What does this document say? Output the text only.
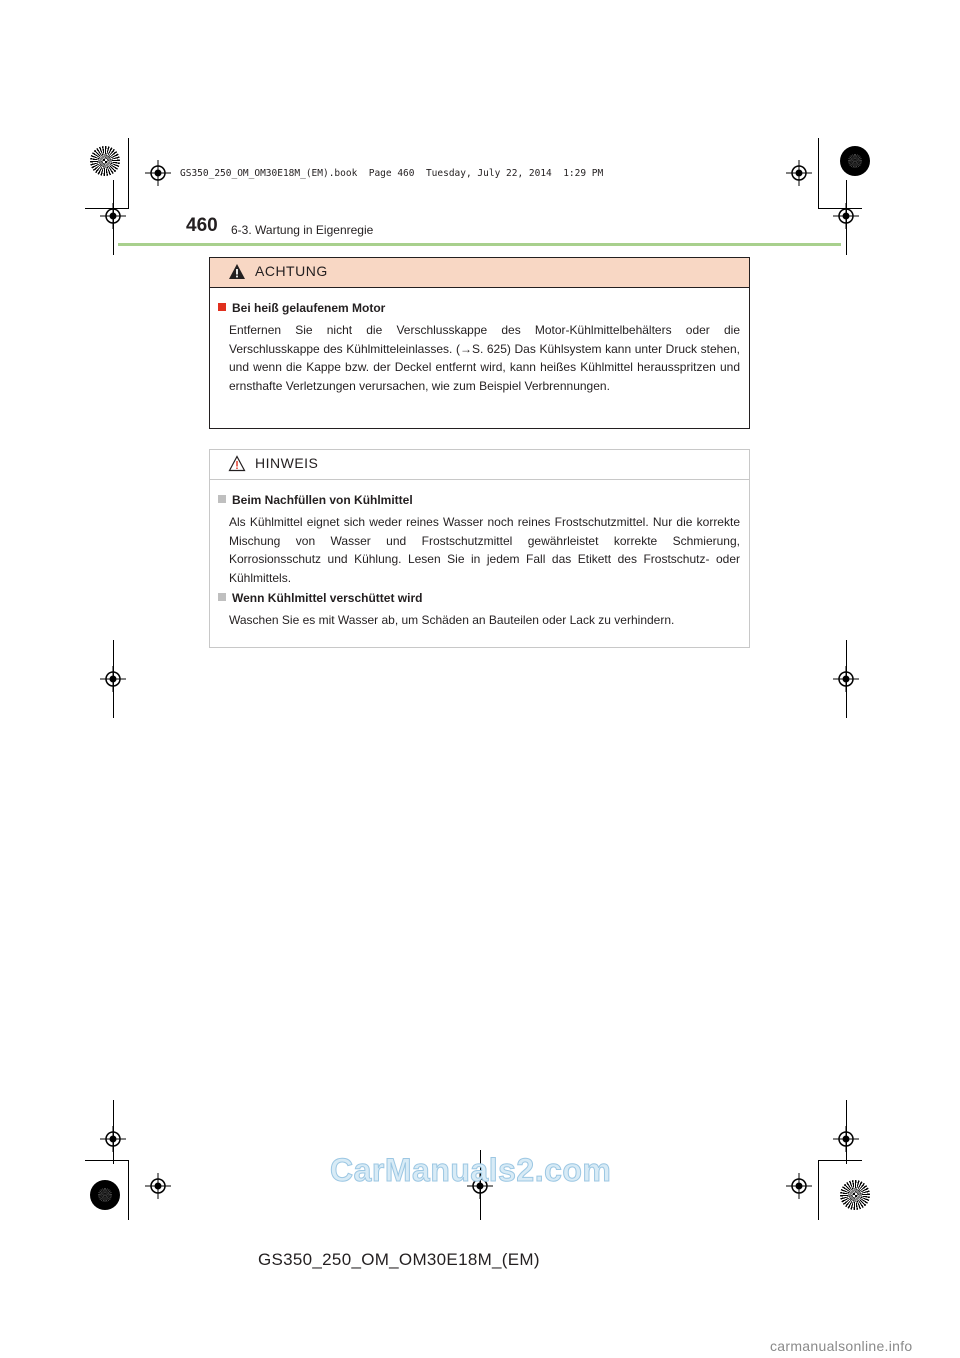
GS350_250_OM_OM30E18M_(EM).book  Page 460  Tuesday, July 22, 2014  1:29 PM
460 6-3. Wartung in Eigenregie
ACHTUNG
Bei heiß gelaufenem Motor
Entfernen Sie nicht die Verschlusskappe des Motor-Kühlmittelbehälters oder die Verschlusskappe des Kühlmitteleinlasses. (→S. 625) Das Kühlsystem kann unter Druck stehen, und wenn die Kappe bzw. der Deckel entfernt wird, kann heißes Kühlmittel herausspritzen und ernsthafte Verletzungen verursachen, wie zum Beispiel Verbrennungen.
HINWEIS
Beim Nachfüllen von Kühlmittel
Als Kühlmittel eignet sich weder reines Wasser noch reines Frostschutzmittel. Nur die korrekte Mischung von Wasser und Frostschutzmittel gewährleistet korrekte Schmierung, Korrosionsschutz und Kühlung. Lesen Sie in jedem Fall das Etikett des Frostschutz- oder Kühlmittels.
Wenn Kühlmittel verschüttet wird
Waschen Sie es mit Wasser ab, um Schäden an Bauteilen oder Lack zu verhindern.
CarManuals2.com
GS350_250_OM_OM30E18M_(EM)
carmanualsonline.info
